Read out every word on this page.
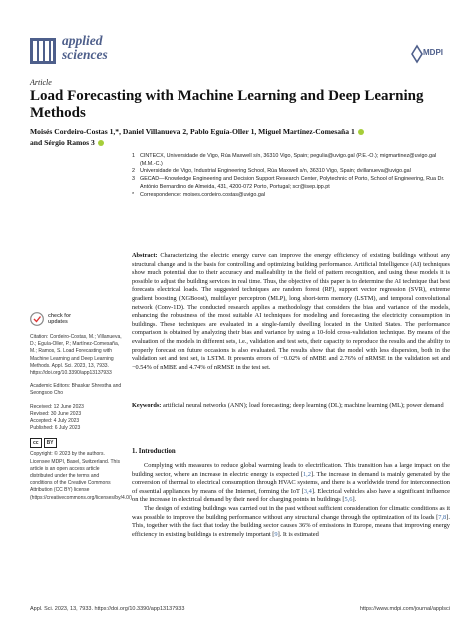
applied
sciences	MDPI
Article
Load Forecasting with Machine Learning and Deep Learning Methods
Moisés Cordeiro-Costas 1,*, Daniel Villanueva 2, Pablo Eguía-Oller 1, Miguel Martínez-Comesaña 1
and Sérgio Ramos 3
1 CINTECX, Universidade de Vigo, Rúa Maxwell s/n, 36310 Vigo, Spain; pegulia@uvigo.gal (P.E.-O.); migmartinez@uvigo.gal (M.M.-C.)
2 Universidade de Vigo, Industrial Engineering School, Rúa Maxwell s/n, 36310 Vigo, Spain; dvillanueva@uvigo.gal
3 GECAD—Knowledge Engineering and Decision Support Research Center, Polytechnic of Porto, School of Engineering, Rua Dr. António Bernardino de Almeida, 431, 4200-072 Porto, Portugal; scr@isep.ipp.pt
*	Correspondence: moises.cordeiro.costas@uvigo.gal
Abstract: Characterizing the electric energy curve can improve the energy efficiency of existing buildings without any structural change and is the basis for controlling and optimizing building performance. Artificial Intelligence (AI) techniques show much potential due to their accuracy and malleability in the field of pattern recognition, and using these models it is possible to adjust the building services in real time. Thus, the objective of this paper is to determine the AI technique that best forecasts electrical loads. The suggested techniques are random forest (RF), support vector regression (SVR), extreme gradient boosting (XGBoost), multilayer perceptron (MLP), long short-term memory (LSTM), and temporal convolutional network (Conv-1D). The conducted research applies a methodology that considers the bias and variance of the models, enhancing the robustness of the most suitable AI techniques for modeling and forecasting the electricity consumption in buildings. These techniques are evaluated in a single-family dwelling located in the United States. The performance comparison is obtained by analyzing their bias and variance by using a 10-fold cross-validation technique. By means of the evaluation of the models in different sets, i.e., validation and test sets, their capacity to reproduce the results and the ability to properly forecast on future occasions is also evaluated. The results show that the model with less dispersion, both in the validation set and test set, is LSTM. It presents errors of −0.02% of nMBE and 2.76% of nRMSE in the validation set and −0.54% of nMBE and 4.74% of nRMSE in the test set.
Keywords: artificial neural networks (ANN); load forecasting; deep learning (DL); machine learning (ML); power demand
1. Introduction

Complying with measures to reduce global warming leads to electrification. This transition has a large impact on the building sector, where an increase in electric energy is expected [1,2]. The increase in demand is mainly generated by the conversion of thermal to electrical consumption through HVAC systems, and there is a worldwide trend for interconnection of essential appliances by means of the Internet, forming the IoT [3,4]. Electrical vehicles also have a significant influence on the increase in electrical demand by their need for charging points in buildings [5,6].

The design of existing buildings was carried out in the past without sufficient consideration for climatic conditions as it was possible to improve the building performance without any structural change through the optimization of its loads [7,8]. This, together with the fact that today the building sector causes 36% of emissions in Europe, means that improving energy efficiency in existing buildings is extremely important [9]. It is estimated

check for
updates
Citation: Cordeiro-Costas, M.; Villanueva, D.; Eguía-Oller, P.; Martínez-Comesaña, M.; Ramos, S. Load Forecasting with Machine Learning and Deep Learning Methods. Appl. Sci. 2023, 13, 7933. https://doi.org/10.3390/app13137933
Academic Editors: Bhaskar Shrestha and Seongsoo Cho
Received: 12 June 2023
Revised: 30 June 2023
Accepted: 4 July 2023
Published: 6 July 2023
cc	BY
Copyright: © 2023 by the authors. Licensee MDPI, Basel, Switzerland. This article is an open access article distributed under the terms and conditions of the Creative Commons Attribution (CC BY) license (https://creativecommons.org/licenses/by/4.0/).
Appl. Sci. 2023, 13, 7933. https://doi.org/10.3390/app13137933	https://www.mdpi.com/journal/applsci
